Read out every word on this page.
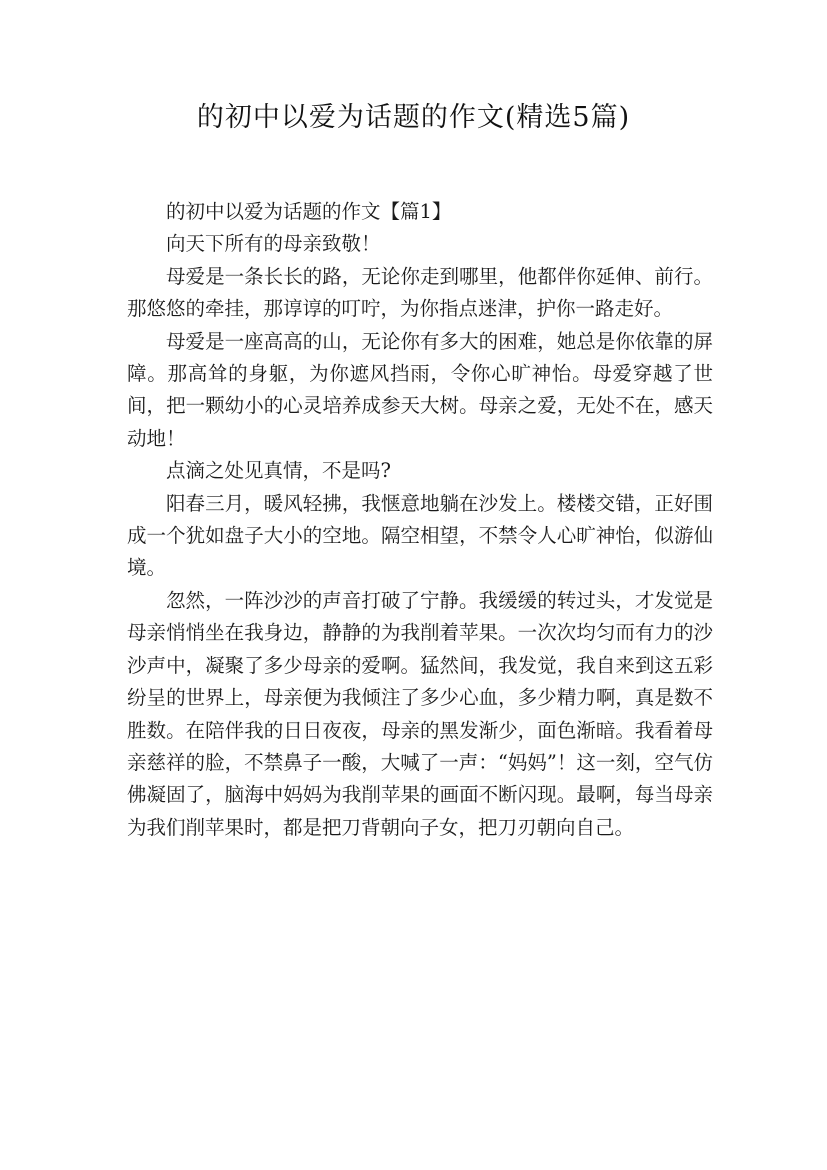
的初中以爱为话题的作文(精选5篇)

的初中以爱为话题的作文【篇1】

向天下所有的母亲致敬！

母爱是一条长长的路，无论你走到哪里，他都伴你延伸、前行。那悠悠的牵挂，那谆谆的叮咛，为你指点迷津，护你一路走好。

母爱是一座高高的山，无论你有多大的困难，她总是你依靠的屏障。那高耸的身躯，为你遮风挡雨，令你心旷神怡。母爱穿越了世间，把一颗幼小的心灵培养成参天大树。母亲之爱，无处不在，感天动地！

点滴之处见真情，不是吗?

阳春三月，暖风轻拂，我惬意地躺在沙发上。楼楼交错，正好围成一个犹如盘子大小的空地。隔空相望，不禁令人心旷神怡，似游仙境。

忽然，一阵沙沙的声音打破了宁静。我缓缓的转过头，才发觉是母亲悄悄坐在我身边，静静的为我削着苹果。一次次均匀而有力的沙沙声中，凝聚了多少母亲的爱啊。猛然间，我发觉，我自来到这五彩纷呈的世界上，母亲便为我倾注了多少心血，多少精力啊，真是数不胜数。在陪伴我的日日夜夜，母亲的黑发渐少，面色渐暗。我看着母亲慈祥的脸，不禁鼻子一酸，大喊了一声：“妈妈”！这一刻，空气仿佛凝固了，脑海中妈妈为我削苹果的画面不断闪现。最啊，每当母亲为我们削苹果时，都是把刀背朝向子女，把刀刃朝向自己。
